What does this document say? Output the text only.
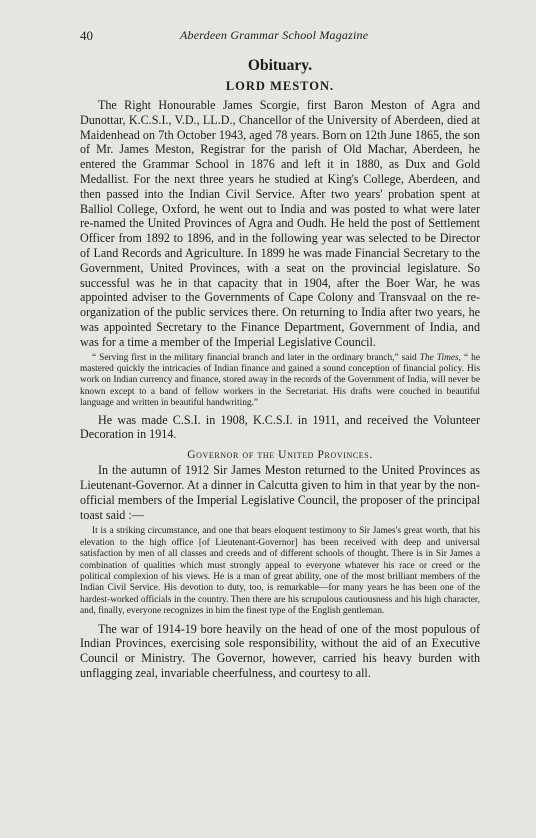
40	Aberdeen Grammar School Magazine
Obituary.
LORD MESTON.

The Right Honourable James Scorgie, first Baron Meston of Agra and Dunottar, K.C.S.I., V.D., LL.D., Chancellor of the University of Aberdeen, died at Maidenhead on 7th October 1943, aged 78 years. Born on 12th June 1865, the son of Mr. James Meston, Registrar for the parish of Old Machar, Aberdeen, he entered the Grammar School in 1876 and left it in 1880, as Dux and Gold Medallist. For the next three years he studied at King's College, Aberdeen, and then passed into the Indian Civil Service. After two years' probation spent at Balliol College, Oxford, he went out to India and was posted to what were later re-named the United Provinces of Agra and Oudh. He held the post of Settlement Officer from 1892 to 1896, and in the following year was selected to be Director of Land Records and Agriculture. In 1899 he was made Financial Secretary to the Government, United Provinces, with a seat on the provincial legislature. So successful was he in that capacity that in 1904, after the Boer War, he was appointed adviser to the Governments of Cape Colony and Transvaal on the re-organization of the public services there. On returning to India after two years, he was appointed Secretary to the Finance Department, Government of India, and was for a time a member of the Imperial Legislative Council.

“ Serving first in the military financial branch and later in the ordinary branch,” said The Times, “ he mastered quickly the intricacies of Indian finance and gained a sound conception of financial policy. His work on Indian currency and finance, stored away in the records of the Government of India, will never be known except to a band of fellow workers in the Secretariat. His drafts were couched in beautiful language and written in beautiful handwriting.”

He was made C.S.I. in 1908, K.C.S.I. in 1911, and received the Volunteer Decoration in 1914.

Governor of the United Provinces.

In the autumn of 1912 Sir James Meston returned to the United Provinces as Lieutenant-Governor. At a dinner in Calcutta given to him in that year by the non-official members of the Imperial Legislative Council, the proposer of the principal toast said :—

It is a striking circumstance, and one that bears eloquent testimony to Sir James's great worth, that his elevation to the high office [of Lieutenant-Governor] has been received with deep and universal satisfaction by men of all classes and creeds and of different schools of thought. There is in Sir James a combination of qualities which must strongly appeal to everyone whatever his race or creed or the political complexion of his views. He is a man of great ability, one of the most brilliant members of the Indian Civil Service. His devotion to duty, too, is remarkable—for many years he has been one of the hardest-worked officials in the country. Then there are his scrupulous cautiousness and his high character, and, finally, everyone recognizes in him the finest type of the English gentleman.

The war of 1914-19 bore heavily on the head of one of the most populous of Indian Provinces, exercising sole responsibility, without the aid of an Executive Council or Ministry. The Governor, however, carried his heavy burden with unflagging zeal, invariable cheerfulness, and courtesy to all.
